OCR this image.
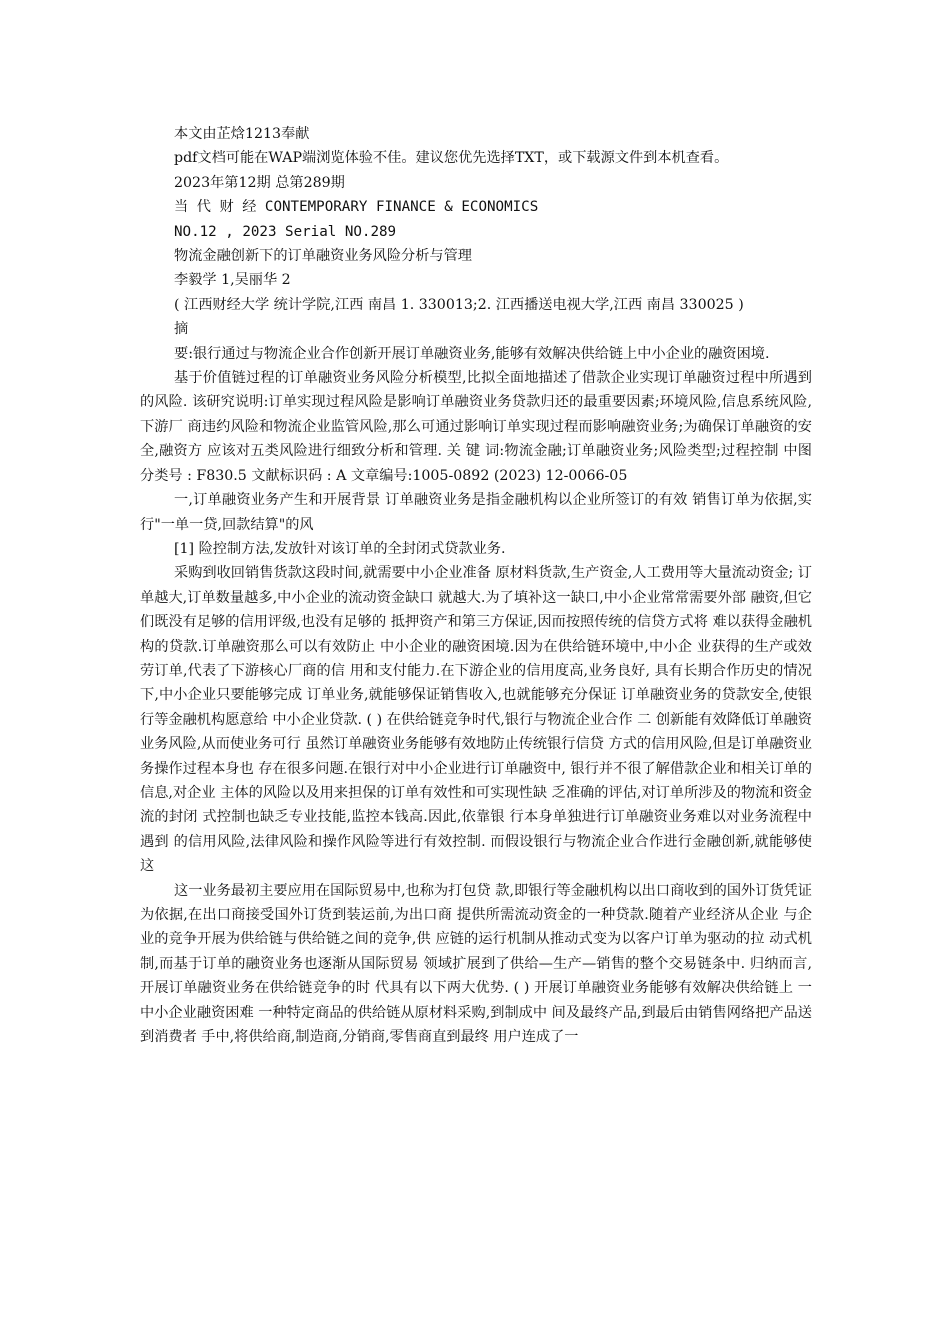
本文由芷焓1213奉献
pdf文档可能在WAP端浏览体验不佳。建议您优先选择TXT，或下载源文件到本机查看。
2023年第12期 总第289期
当 代 财 经 CONTEMPORARY FINANCE & ECONOMICS
NO.12 , 2023 Serial NO.289
物流金融创新下的订单融资业务风险分析与管理
李毅学 1,吴丽华 2

( 江西财经大学 统计学院,江西 南昌 1. 330013;2. 江西播送电视大学,江西 南昌 330025 )

摘

要:银行通过与物流企业合作创新开展订单融资业务,能够有效解决供给链上中小企业的融资困境.

基于价值链过程的订单融资业务风险分析模型,比拟全面地描述了借款企业实现订单融资过程中所遇到的风险. 该研究说明:订单实现过程风险是影响订单融资业务贷款归还的最重要因素;环境风险,信息系统风险,下游厂 商违约风险和物流企业监管风险,那么可通过影响订单实现过程而影响融资业务;为确保订单融资的安全,融资方 应该对五类风险进行细致分析和管理. 关 键 词:物流金融;订单融资业务;风险类型;过程控制 中图分类号 : F830.5 文献标识码 : A 文章编号:1005-0892 (2023) 12-0066-05

一,订单融资业务产生和开展背景 订单融资业务是指金融机构以企业所签订的有效 销售订单为依据,实行"一单一贷,回款结算"的风

[1] 险控制方法,发放针对该订单的全封闭式贷款业务.

采购到收回销售货款这段时间,就需要中小企业准备 原材料货款,生产资金,人工费用等大量流动资金; 订单越大,订单数量越多,中小企业的流动资金缺口 就越大.为了填补这一缺口,中小企业常常需要外部 融资,但它们既没有足够的信用评级,也没有足够的 抵押资产和第三方保证,因而按照传统的信贷方式将 难以获得金融机构的贷款.订单融资那么可以有效防止 中小企业的融资困境.因为在供给链环境中,中小企 业获得的生产或效劳订单,代表了下游核心厂商的信 用和支付能力.在下游企业的信用度高,业务良好, 具有长期合作历史的情况下,中小企业只要能够完成 订单业务,就能够保证销售收入,也就能够充分保证 订单融资业务的贷款安全,使银行等金融机构愿意给 中小企业贷款. ( ) 在供给链竞争时代,银行与物流企业合作 二 创新能有效降低订单融资业务风险,从而使业务可行 虽然订单融资业务能够有效地防止传统银行信贷 方式的信用风险,但是订单融资业务操作过程本身也 存在很多问题.在银行对中小企业进行订单融资中, 银行并不很了解借款企业和相关订单的信息,对企业 主体的风险以及用来担保的订单有效性和可实现性缺 乏准确的评估,对订单所涉及的物流和资金流的封闭 式控制也缺乏专业技能,监控本钱高.因此,依靠银 行本身单独进行订单融资业务难以对业务流程中遇到 的信用风险,法律风险和操作风险等进行有效控制. 而假设银行与物流企业合作进行金融创新,就能够使这

这一业务最初主要应用在国际贸易中,也称为打包贷 款,即银行等金融机构以出口商收到的国外订货凭证 为依据,在出口商接受国外订货到装运前,为出口商 提供所需流动资金的一种贷款.随着产业经济从企业 与企业的竞争开展为供给链与供给链之间的竞争,供 应链的运行机制从推动式变为以客户订单为驱动的拉 动式机制,而基于订单的融资业务也逐渐从国际贸易 领域扩展到了供给—生产—销售的整个交易链条中. 归纳而言,开展订单融资业务在供给链竞争的时 代具有以下两大优势. ( ) 开展订单融资业务能够有效解决供给链上 一 中小企业融资困难 一种特定商品的供给链从原材料采购,到制成中 间及最终产品,到最后由销售网络把产品送到消费者 手中,将供给商,制造商,分销商,零售商直到最终 用户连成了一
